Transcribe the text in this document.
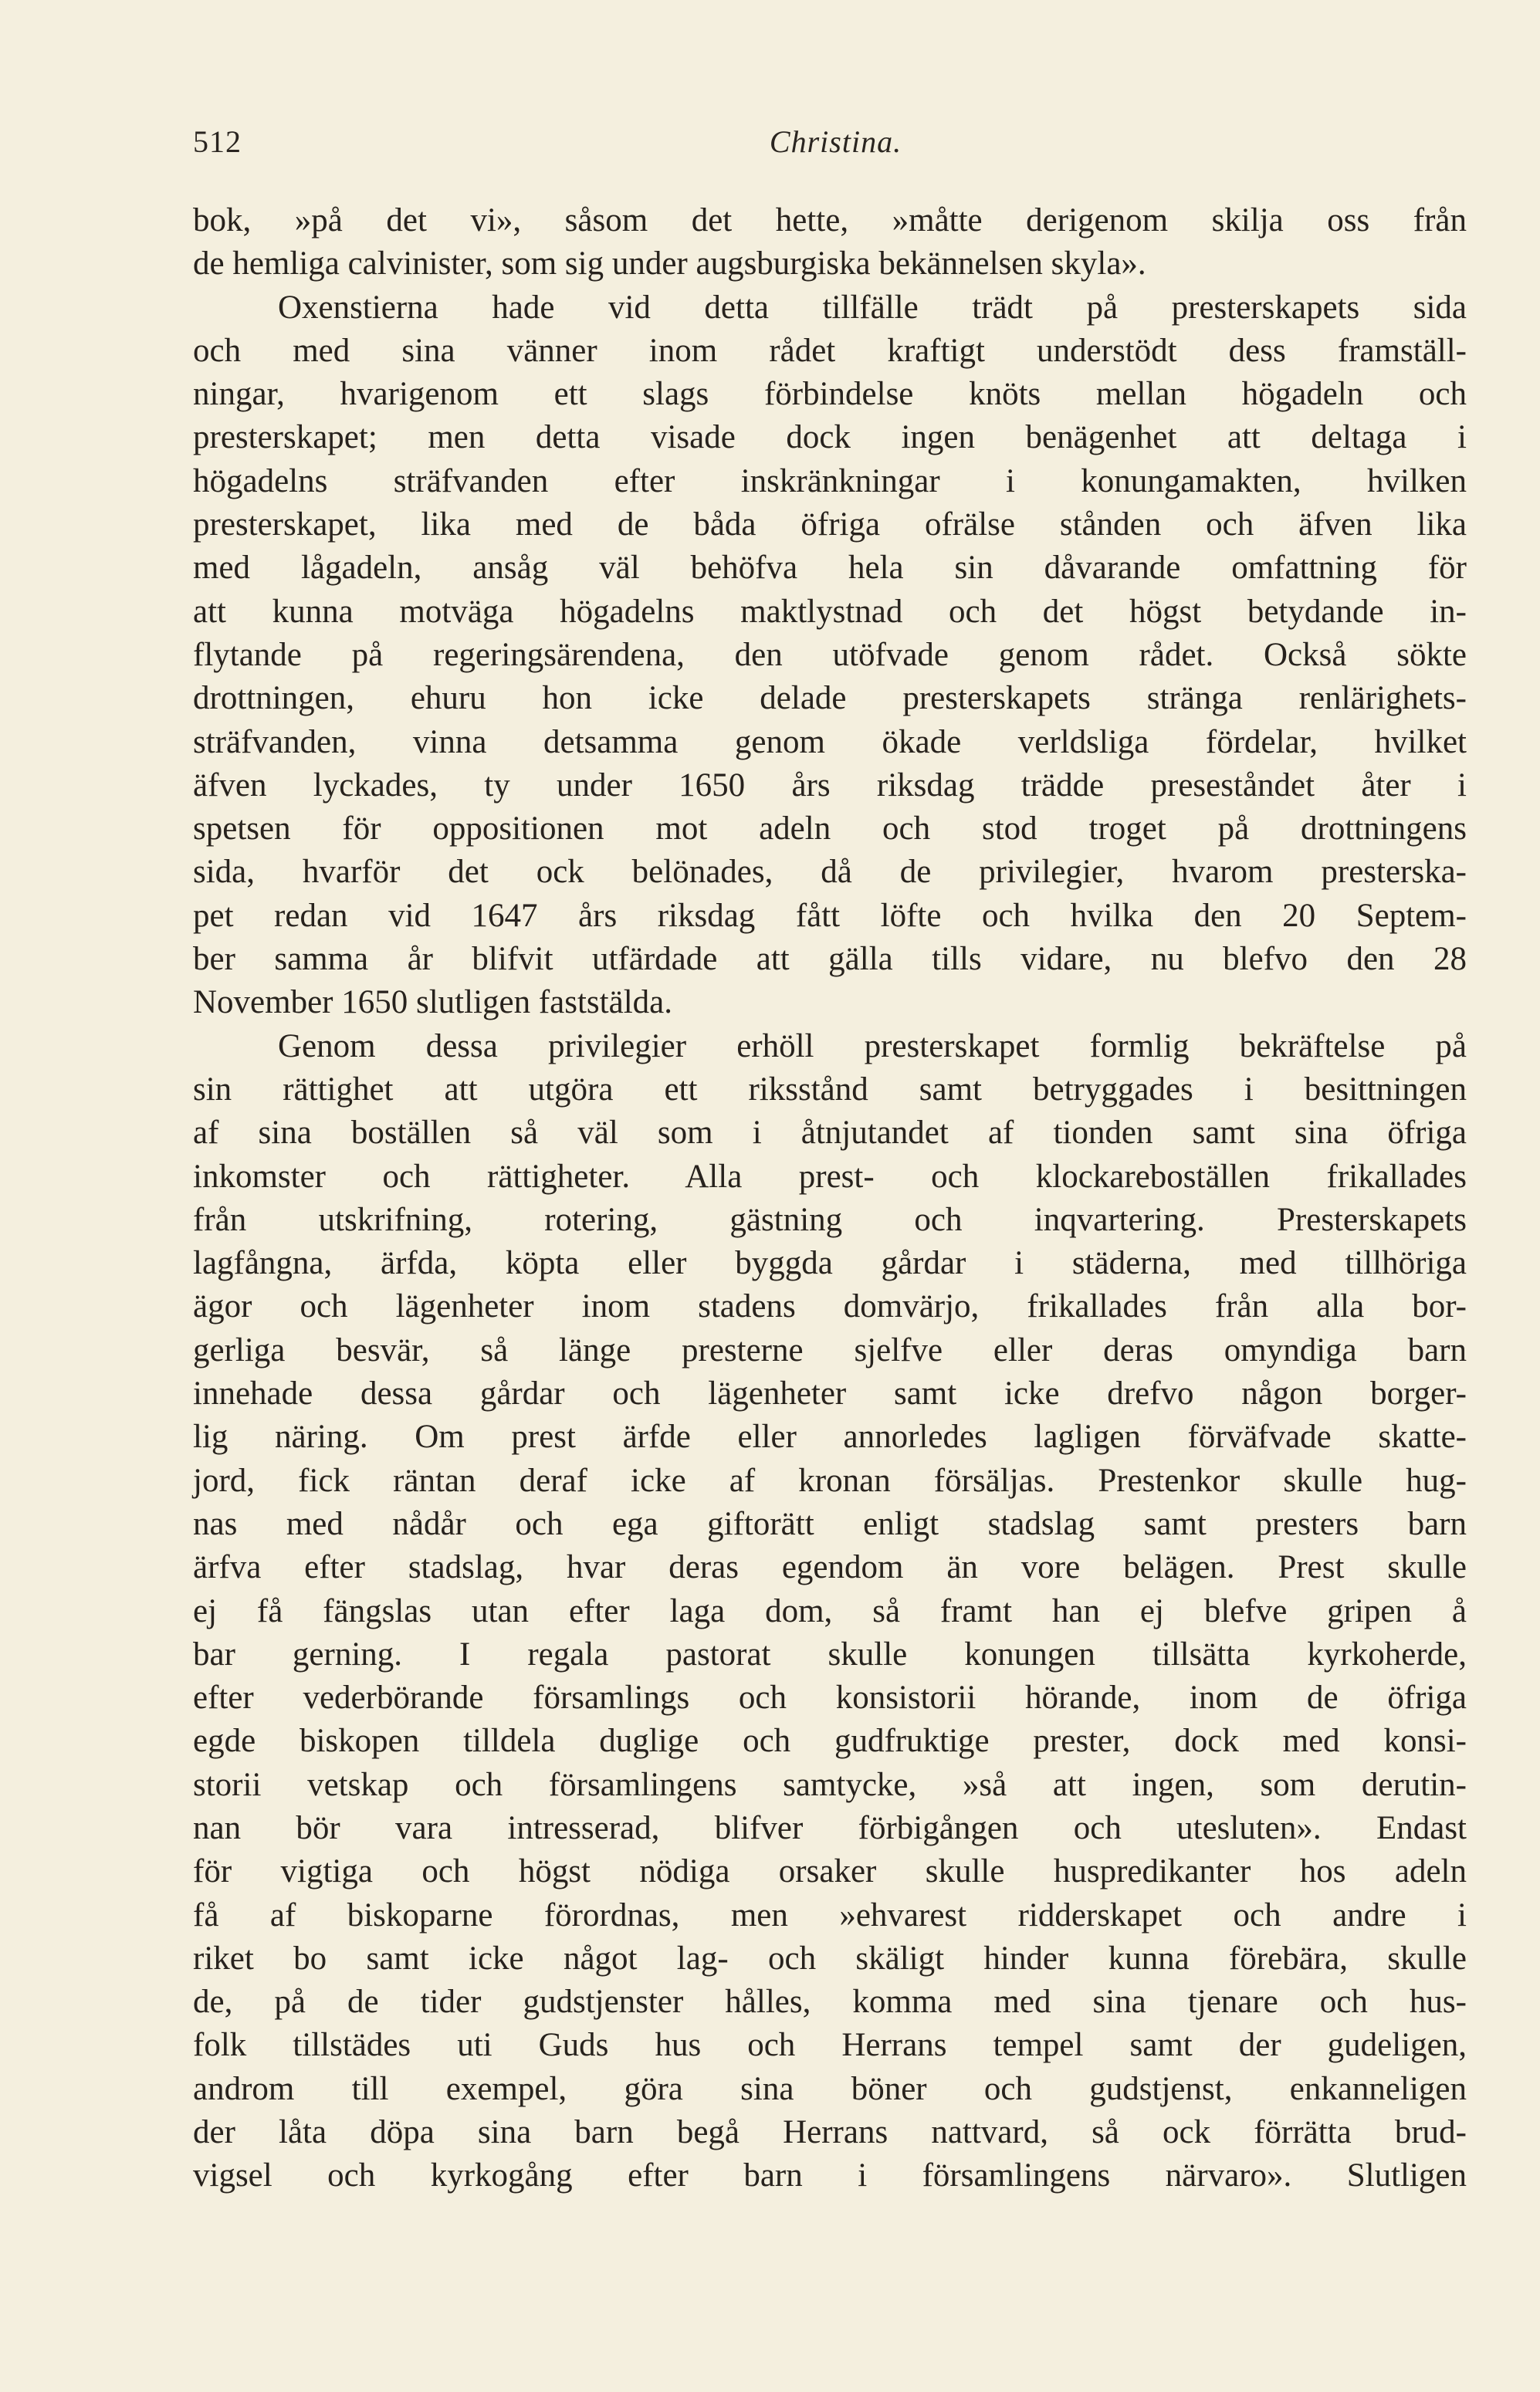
512	Christina.
bok, »på det vi», såsom det hette, »måtte derigenom skilja oss från
de hemliga calvinister, som sig under augsburgiska bekännelsen skyla».
Oxenstierna hade vid detta tillfälle trädt på presterskapets sida
och med sina vänner inom rådet kraftigt understödt dess framställ-
ningar, hvarigenom ett slags förbindelse knöts mellan högadeln och
presterskapet; men detta visade dock ingen benägenhet att deltaga i
högadelns sträfvanden efter inskränkningar i konungamakten, hvilken
presterskapet, lika med de båda öfriga ofrälse stånden och äfven lika
med lågadeln, ansåg väl behöfva hela sin dåvarande omfattning för
att kunna motväga högadelns maktlystnad och det högst betydande in-
flytande på regeringsärendena, den utöfvade genom rådet. Också sökte
drottningen, ehuru hon icke delade presterskapets stränga renlärighets-
sträfvanden, vinna detsamma genom ökade verldsliga fördelar, hvilket
äfven lyckades, ty under 1650 års riksdag trädde preseståndet åter i
spetsen för oppositionen mot adeln och stod troget på drottningens
sida, hvarför det ock belönades, då de privilegier, hvarom presterska-
pet redan vid 1647 års riksdag fått löfte och hvilka den 20 Septem-
ber samma år blifvit utfärdade att gälla tills vidare, nu blefvo den 28
November 1650 slutligen faststälda.
Genom dessa privilegier erhöll presterskapet formlig bekräftelse på
sin rättighet att utgöra ett riksstånd samt betryggades i besittningen
af sina boställen så väl som i åtnjutandet af tionden samt sina öfriga
inkomster och rättigheter. Alla prest- och klockareboställen frikallades
från utskrifning, rotering, gästning och inqvartering. Presterskapets
lagfångna, ärfda, köpta eller byggda gårdar i städerna, med tillhöriga
ägor och lägenheter inom stadens domvärjo, frikallades från alla bor-
gerliga besvär, så länge presterne sjelfve eller deras omyndiga barn
innehade dessa gårdar och lägenheter samt icke drefvo någon borger-
lig näring. Om prest ärfde eller annorledes lagligen förväfvade skatte-
jord, fick räntan deraf icke af kronan försäljas. Prestenkor skulle hug-
nas med nådår och ega giftorätt enligt stadslag samt presters barn
ärfva efter stadslag, hvar deras egendom än vore belägen. Prest skulle
ej få fängslas utan efter laga dom, så framt han ej blefve gripen å
bar gerning. I regala pastorat skulle konungen tillsätta kyrkoherde,
efter vederbörande församlings och konsistorii hörande, inom de öfriga
egde biskopen tilldela duglige och gudfruktige prester, dock med konsi-
storii vetskap och församlingens samtycke, »så att ingen, som derutin-
nan bör vara intresserad, blifver förbigången och utesluten». Endast
för vigtiga och högst nödiga orsaker skulle huspredikanter hos adeln
få af biskoparne förordnas, men »ehvarest ridderskapet och andre i
riket bo samt icke något lag- och skäligt hinder kunna förebära, skulle
de, på de tider gudstjenster hålles, komma med sina tjenare och hus-
folk tillstädes uti Guds hus och Herrans tempel samt der gudeligen,
androm till exempel, göra sina böner och gudstjenst, enkanneligen
der låta döpa sina barn begå Herrans nattvard, så ock förrätta brud-
vigsel och kyrkogång efter barn i församlingens närvaro». Slutligen
